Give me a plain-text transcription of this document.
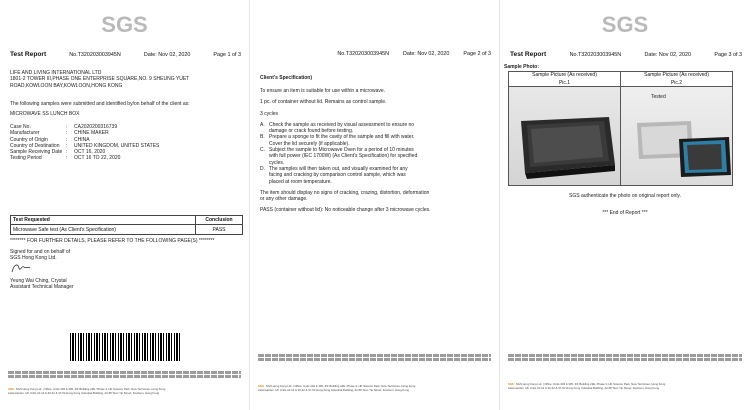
SGS
Test Report	No.T320203003945N	Date: Nov 02, 2020	Page 1 of 3
LIFE AND LIVING INTERNATIONAL LTD
1801-2 TOWER III,PHASE ONE ENTERPRISE SQUARE,NO. 9 SHEUNG YUET
ROAD,KOWLOON BAY,KOWLOON,HONG KONG
The following samples were submitted and identified by/on behalf of the client as:
MICROWAVE SS LUNCH BOX
Case No.	:	CA2020200316739
Manufacturer	:	CHINE MAKER
Country of Origin	:	CHINA
Country of Destination	:	UNITED KINGDOM, UNITED STATES
Sample Receiving Date :	OCT 16, 2020
Testing Period	:	OCT 16 TO 22, 2020
Test Requested	Conclusion
Microwave Safe test (As Client's Specification)	PASS
******** FOR FURTHER DETAILS, PLEASE REFER TO THE FOLLOWING PAGE(S) ********
Signed for and on behalf of
SGS Hong Kong Ltd.
Yeung Wai Ching, Crystal
Assistant Technical Manager
SGS SGS Hong Kong Ltd. | Office: Units 303 & 305, 3/F Building 22E, Phase 3, HK Science Park, New Territories, Hong Kong
Laboratories: 1/F Units 10-13 & 30-32 & 37-52 Hong Kong Industrial Building, 42-58 Tsun Yip Street, Kowloon, Hong Kong
No.T320203003945N	Date: Nov 02, 2020	Page 2 of 3
Client's Specification)
To ensure an item is suitable for use within a microwave.
1 pc. of container without lid. Remains as control sample.
3 cycles
A. Check the sample as received by visual assessment to ensure no damage or crack found before testing.
B. Prepare a sponge to fit the cavity of the sample and fill with water. Cover the lid securely (if applicable).
C. Subject the sample to Microwave Oven for a period of 10 minutes with full power (IEC 1700W) (As Client's Specification) for specified cycles.
D. The samples will then taken out, and visually examined for any facing and cracking by comparison control sample, which was placed at room temperature.
The item should display no signs of cracking, crazing, distortion, deformation or any other damage.
PASS (container without lid): No noticeable change after 3 microwave cycles.
SGS SGS Hong Kong Ltd. | Office: Units 303 & 305, 3/F Building 22E, Phase 3, HK Science Park, New Territories, Hong Kong
Laboratories: 1/F Units 10-13 & 30-32 & 37-52 Hong Kong Industrial Building, 42-58 Tsun Yip Street, Kowloon, Hong Kong
SGS
Test Report	No.T320203003945N	Date: Nov 02, 2020	Page 3 of 3
Sample Photo:
Sample Picture (As received)
Pic.1
Sample Picture (As received)
Pic.2
Tested
SGS authenticate the photo on original report only.
*** End of Report ***
SGS SGS Hong Kong Ltd. | Office: Units 303 & 305, 3/F Building 22E, Phase 3, HK Science Park, New Territories, Hong Kong
Laboratories: 1/F Units 10-13 & 30-32 & 37-52 Hong Kong Industrial Building, 42-58 Tsun Yip Street, Kowloon, Hong Kong
